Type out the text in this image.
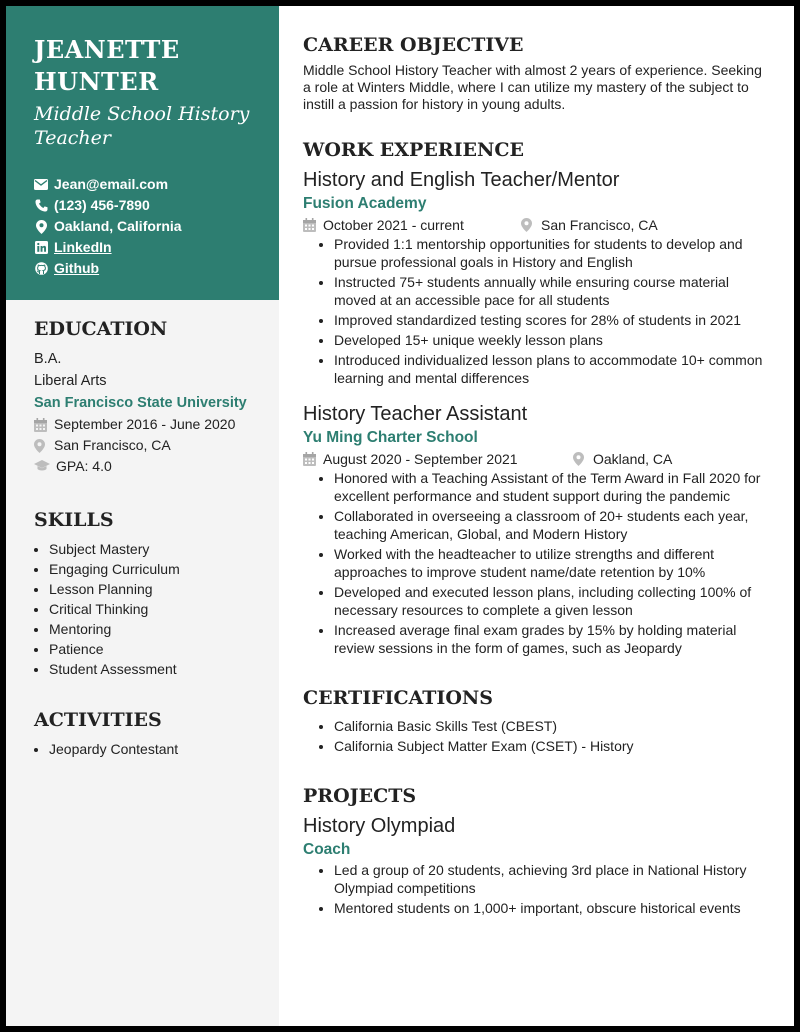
JEANETTE
HUNTER
Middle School History Teacher
Jean@email.com
(123) 456-7890
Oakland, California
LinkedIn
Github
EDUCATION
B.A.
Liberal Arts
San Francisco State University
September 2016 - June 2020
San Francisco, CA
GPA: 4.0
SKILLS
• Subject Mastery
• Engaging Curriculum
• Lesson Planning
• Critical Thinking
• Mentoring
• Patience
• Student Assessment
ACTIVITIES
• Jeopardy Contestant
CAREER OBJECTIVE

Middle School History Teacher with almost 2 years of experience. Seeking a role at Winters Middle, where I can utilize my mastery of the subject to instill a passion for history in young adults.

WORK EXPERIENCE
History and English Teacher/Mentor
Fusion Academy
October 2021 - current	San Francisco, CA
• Provided 1:1 mentorship opportunities for students to develop and pursue professional goals in History and English
• Instructed 75+ students annually while ensuring course material moved at an accessible pace for all students
• Improved standardized testing scores for 28% of students in 2021
• Developed 15+ unique weekly lesson plans
• Introduced individualized lesson plans to accommodate 10+ common learning and mental differences
History Teacher Assistant
Yu Ming Charter School
August 2020 - September 2021	Oakland, CA
• Honored with a Teaching Assistant of the Term Award in Fall 2020 for excellent performance and student support during the pandemic
• Collaborated in overseeing a classroom of 20+ students each year, teaching American, Global, and Modern History
• Worked with the headteacher to utilize strengths and different approaches to improve student name/date retention by 10%
• Developed and executed lesson plans, including collecting 100% of necessary resources to complete a given lesson
• Increased average final exam grades by 15% by holding material review sessions in the form of games, such as Jeopardy
CERTIFICATIONS
• California Basic Skills Test (CBEST)
• California Subject Matter Exam (CSET) - History
PROJECTS
History Olympiad
Coach
• Led a group of 20 students, achieving 3rd place in National History Olympiad competitions
• Mentored students on 1,000+ important, obscure historical events
